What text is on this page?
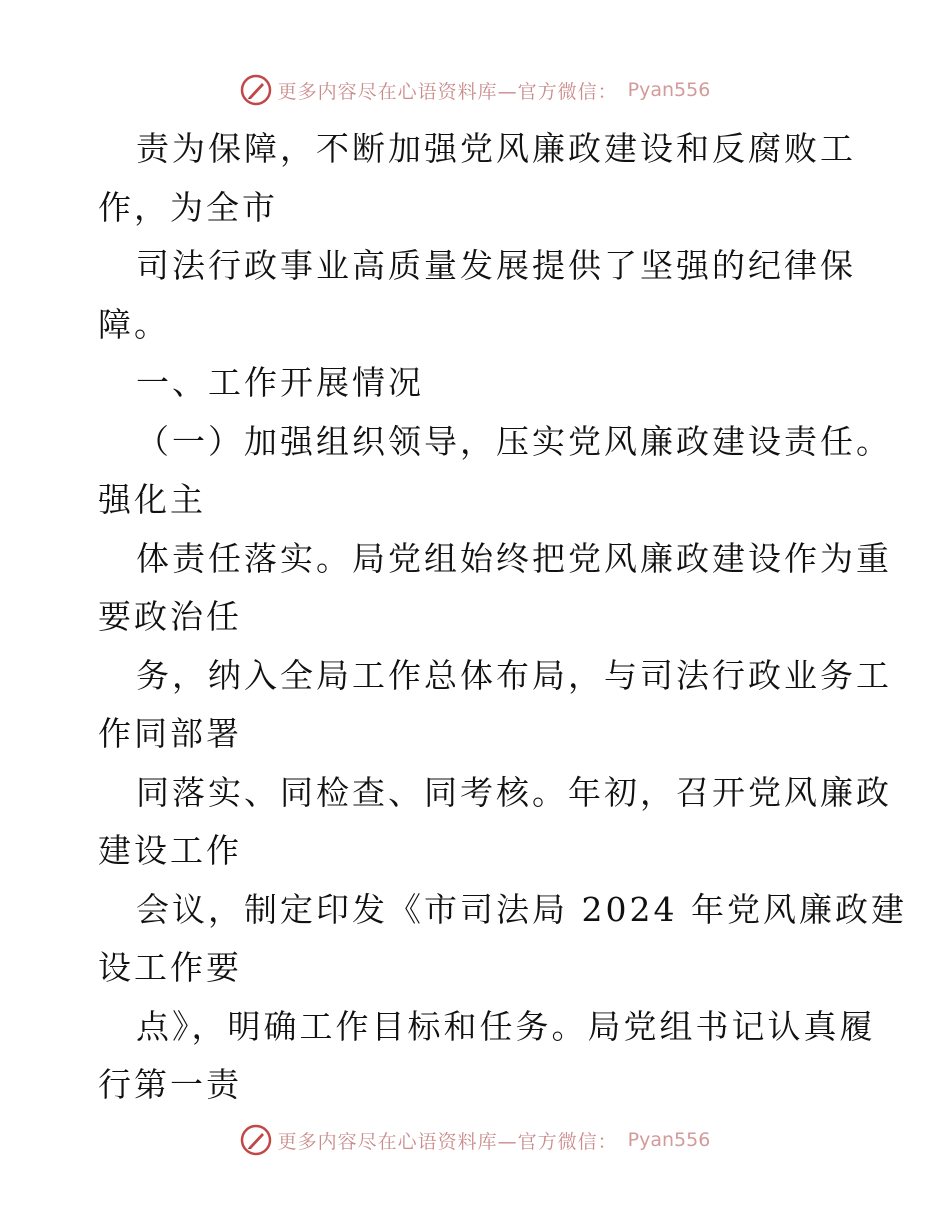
更多内容尽在心语资料库—官方微信： Pyan556

责为保障，不断加强党风廉政建设和反腐败工
作，为全市

司法行政事业高质量发展提供了坚强的纪律保
障。

一、工作开展情况

（一）加强组织领导，压实党风廉政建设责任。
强化主

体责任落实。局党组始终把党风廉政建设作为重
要政治任

务，纳入全局工作总体布局，与司法行政业务工
作同部署

同落实、同检查、同考核。年初，召开党风廉政
建设工作

会议，制定印发《市司法局 2024 年党风廉政建
设工作要

点》，明确工作目标和任务。局党组书记认真履
行第一责

更多内容尽在心语资料库—官方微信： Pyan556
